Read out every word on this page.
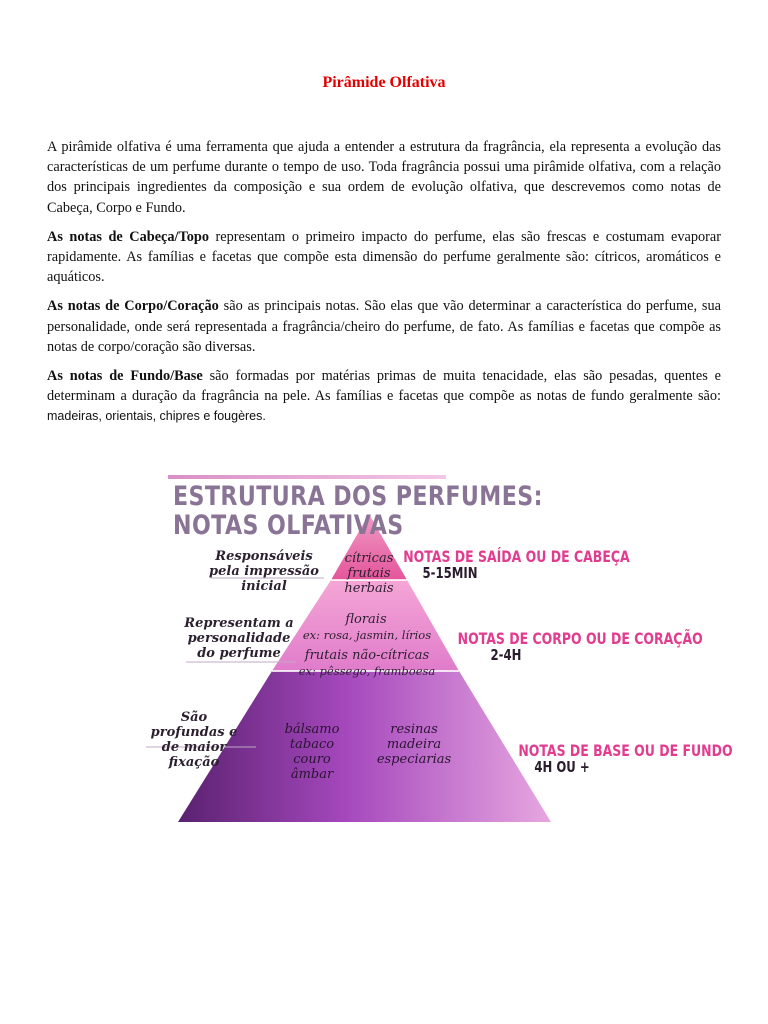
Pirâmide Olfativa

A pirâmide olfativa é uma ferramenta que ajuda a entender a estrutura da fragrância, ela representa a evolução das características de um perfume durante o tempo de uso. Toda fragrância possui uma pirâmide olfativa, com a relação dos principais ingredientes da composição e sua ordem de evolução olfativa, que descrevemos como notas de Cabeça, Corpo e Fundo.

As notas de Cabeça/Topo representam o primeiro impacto do perfume, elas são frescas e costumam evaporar rapidamente. As famílias e facetas que compõe esta dimensão do perfume geralmente são: cítricos, aromáticos e aquáticos.

As notas de Corpo/Coração são as principais notas. São elas que vão determinar a característica do perfume, sua personalidade, onde será representada a fragrância/cheiro do perfume, de fato. As famílias e facetas que compõe as notas de corpo/coração são diversas.

As notas de Fundo/Base são formadas por matérias primas de muita tenacidade, elas são pesadas, quentes e determinam a duração da fragrância na pele. As famílias e facetas que compõe as notas de fundo geralmente são: madeiras, orientais, chipres e fougères.

ESTRUTURA DOS PERFUMES:
NOTAS OLFATIVAS
Responsáveis pela impressão inicial
cítricas frutais herbais
NOTAS DE SAÍDA OU DE CABEÇA
5-15MIN
Representam a personalidade do perfume
florais
ex: rosa, jasmin, lírios
frutais não-cítricas
ex: pêssego, framboesa
NOTAS DE CORPO OU DE CORAÇÃO
2-4H
São profundas e de maior fixação
bálsamo tabaco couro âmbar
resinas madeira especiarias	NOTAS DE BASE OU DE FUNDO
4H OU +
